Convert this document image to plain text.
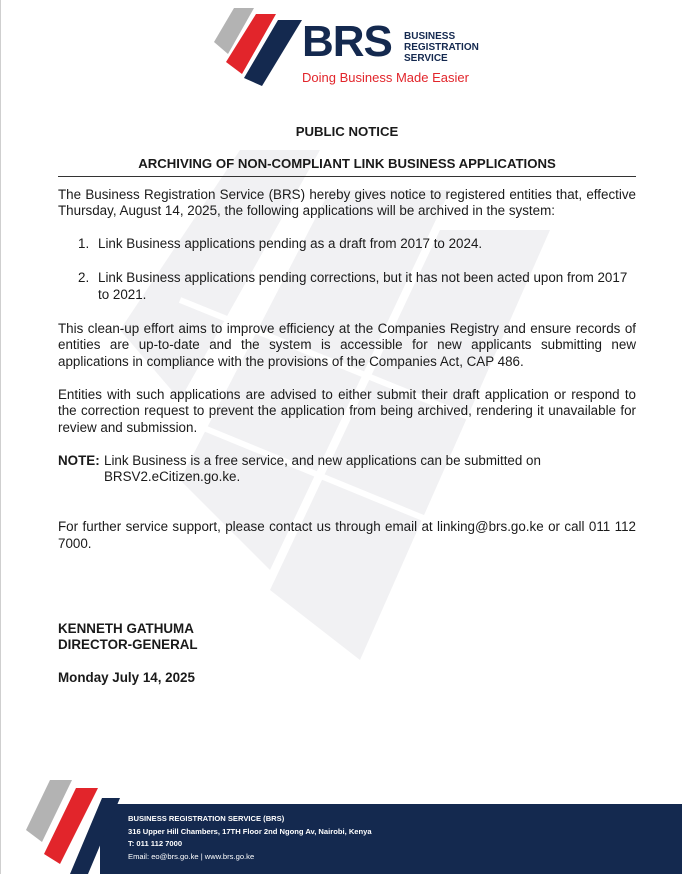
BRS BUSINESS
REGISTRATION
SERVICE
Doing Business Made Easier
PUBLIC NOTICE
ARCHIVING OF NON-COMPLIANT LINK BUSINESS APPLICATIONS

The Business Registration Service (BRS) hereby gives notice to registered entities that, effective Thursday, August 14, 2025, the following applications will be archived in the system:

1. Link Business applications pending as a draft from 2017 to 2024.
2. Link Business applications pending corrections, but it has not been acted upon from 2017 to 2021.

This clean-up effort aims to improve efficiency at the Companies Registry and ensure records of entities are up-to-date and the system is accessible for new applicants submitting new applications in compliance with the provisions of the Companies Act, CAP 486.

Entities with such applications are advised to either submit their draft application or respond to the correction request to prevent the application from being archived, rendering it unavailable for review and submission.

NOTE: Link Business is a free service, and new applications can be submitted on BRSV2.eCitizen.go.ke.

For further service support, please contact us through email at linking@brs.go.ke or call 011 112 7000.

KENNETH GATHUMA
DIRECTOR-GENERAL
Monday July 14, 2025
BUSINESS REGISTRATION SERVICE (BRS)
316 Upper Hill Chambers, 17TH Floor 2nd Ngong Av, Nairobi, Kenya
T: 011 112 7000
Email: eo@brs.go.ke | www.brs.go.ke
